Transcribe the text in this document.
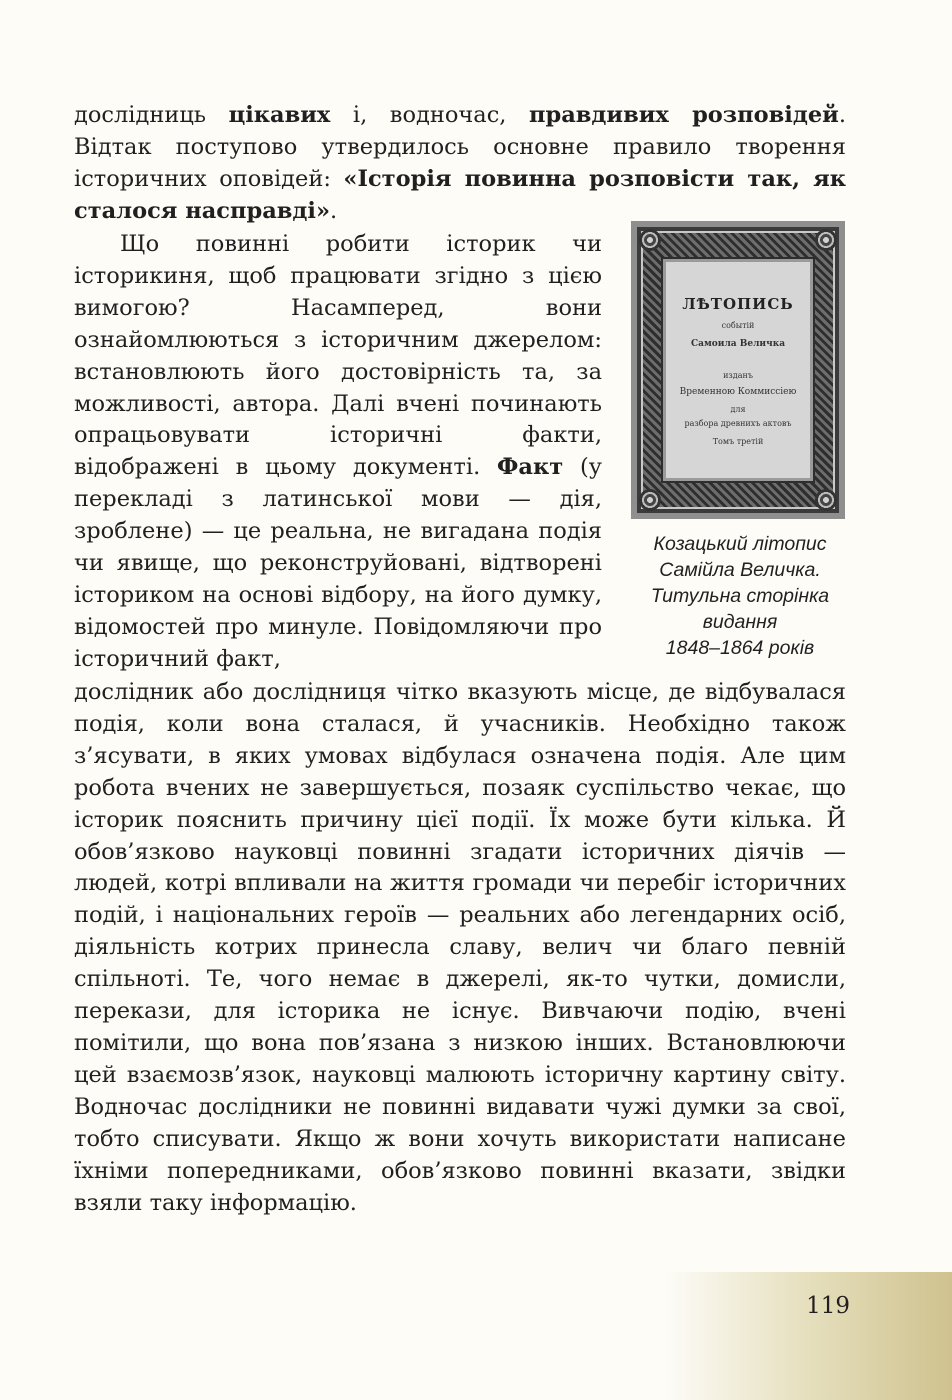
дослідниць цікавих і, водночас, правдивих розповідей. Відтак поступово утвердилось основне правило творення історичних оповідей: «Історія повинна розповісти так, як сталося насправді».

Що повинні робити історик чи історикиня, щоб працювати згідно з цією вимогою? Насамперед, вони ознайомлюються з історичним джерелом: встановлюють його достовірність та, за можливості, автора. Далі вчені починають опрацьовувати історичні факти, відображені в цьому документі. Факт (у перекладі з латинської мови — дія, зроблене) — це реальна, не вигадана подія чи явище, що реконструйовані, відтворені істориком на основі відбору, на його думку, відомостей про минуле. Повідомляючи про історичний факт,

ЛѢТОПИСЬ
событій
Самоила Величка
изданъ
Временною Коммиссіею
для
разбора древнихъ актовъ
Томъ третій
Козацький літопис
Самійла Величка.
Титульна сторінка
видання
1848–1864 років

дослідник або дослідниця чітко вказують місце, де відбувалася подія, коли вона сталася, й учасників. Необхідно також з’ясувати, в яких умовах відбулася означена подія. Але цим робота вчених не завершується, позаяк суспільство чекає, що історик пояснить причину цієї події. Їх може бути кілька. Й обов’язково науковці повинні згадати історичних діячів — людей, котрі впливали на життя громади чи перебіг історичних подій, і національних героїв — реальних або легендарних осіб, діяльність котрих принесла славу, велич чи благо певній спільноті. Те, чого немає в джерелі, як-то чутки, домисли, перекази, для історика не існує. Вивчаючи подію, вчені помітили, що вона пов’язана з низкою інших. Встановлюючи цей взаємозв’язок, науковці малюють історичну картину світу. Водночас дослідники не повинні видавати чужі думки за свої, тобто списувати. Якщо ж вони хочуть використати написане їхніми попередниками, обов’язково повинні вказати, звідки взяли таку інформацію.

119
